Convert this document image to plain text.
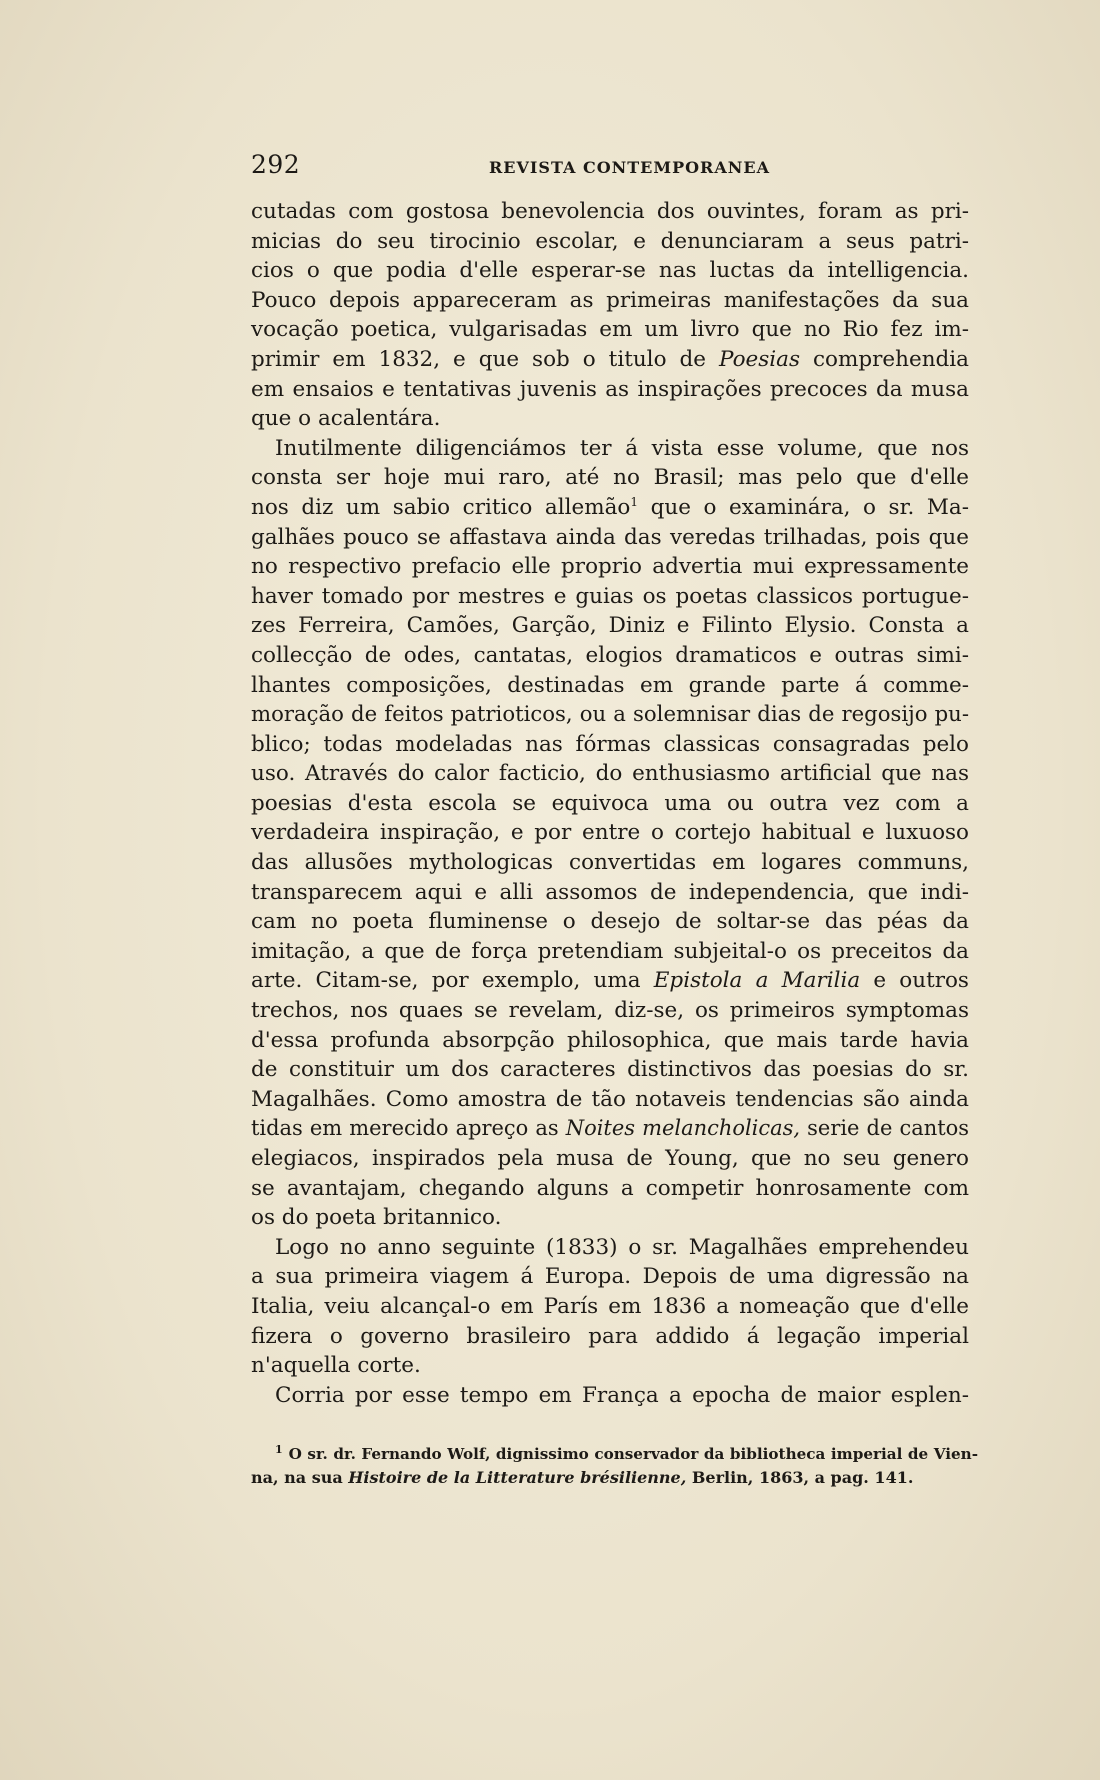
292	REVISTA CONTEMPORANEA
cutadas com gostosa benevolencia dos ouvintes, foram as pri-
micias do seu tirocinio escolar, e denunciaram a seus patri-
cios o que podia d'elle esperar-se nas luctas da intelligencia.
Pouco depois appareceram as primeiras manifestações da sua
vocação poetica, vulgarisadas em um livro que no Rio fez im-
primir em 1832, e que sob o titulo de Poesias comprehendia
em ensaios e tentativas juvenis as inspirações precoces da musa
que o acalentára.
Inutilmente diligenciámos ter á vista esse volume, que nos
consta ser hoje mui raro, até no Brasil; mas pelo que d'elle
nos diz um sabio critico allemão$^1$ que o examinára, o sr. Ma-
galhães pouco se affastava ainda das veredas trilhadas, pois que
no respectivo prefacio elle proprio advertia mui expressamente
haver tomado por mestres e guias os poetas classicos portugue-
zes Ferreira, Camões, Garção, Diniz e Filinto Elysio. Consta a
collecção de odes, cantatas, elogios dramaticos e outras simi-
lhantes composições, destinadas em grande parte á comme-
moração de feitos patrioticos, ou a solemnisar dias de regosijo pu-
blico; todas modeladas nas fórmas classicas consagradas pelo
uso. Através do calor facticio, do enthusiasmo artificial que nas
poesias d'esta escola se equivoca uma ou outra vez com a
verdadeira inspiração, e por entre o cortejo habitual e luxuoso
das allusões mythologicas convertidas em logares communs,
transparecem aqui e alli assomos de independencia, que indi-
cam no poeta fluminense o desejo de soltar-se das péas da
imitação, a que de força pretendiam subjeital-o os preceitos da
arte. Citam-se, por exemplo, uma Epistola a Marilia e outros
trechos, nos quaes se revelam, diz-se, os primeiros symptomas
d'essa profunda absorpção philosophica, que mais tarde havia
de constituir um dos caracteres distinctivos das poesias do sr.
Magalhães. Como amostra de tão notaveis tendencias são ainda
tidas em merecido apreço as Noites melancholicas, serie de cantos
elegiacos, inspirados pela musa de Young, que no seu genero
se avantajam, chegando alguns a competir honrosamente com
os do poeta britannico.
Logo no anno seguinte (1833) o sr. Magalhães emprehendeu
a sua primeira viagem á Europa. Depois de uma digressão na
Italia, veiu alcançal-o em París em 1836 a nomeação que d'elle
fizera o governo brasileiro para addido á legação imperial
n'aquella corte.
Corria por esse tempo em França a epocha de maior esplen-
$^1$ O sr. dr. Fernando Wolf, dignissimo conservador da bibliotheca imperial de Vien-
na, na sua Histoire de la Litterature brésilienne, Berlin, 1863, a pag. 141.
